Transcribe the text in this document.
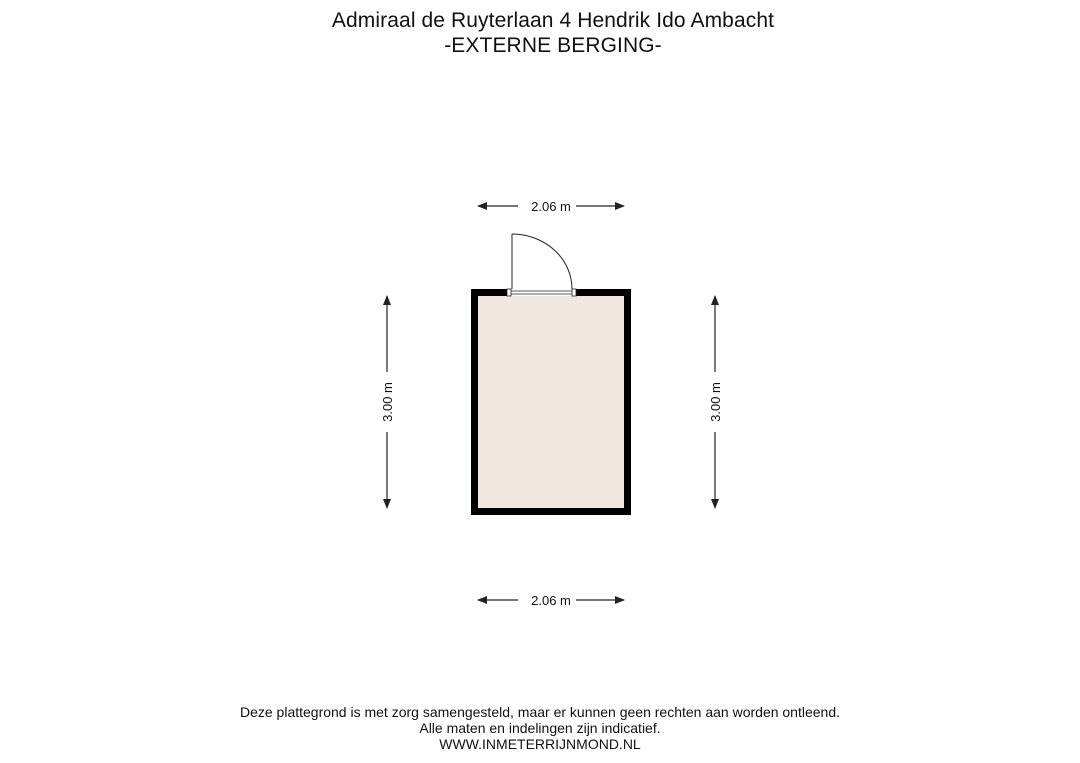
Admiraal de Ruyterlaan 4 Hendrik Ido Ambacht
-EXTERNE BERGING-
2.06 m
2.06 m
3.00 m	3.00 m
Deze plattegrond is met zorg samengesteld, maar er kunnen geen rechten aan worden ontleend.
Alle maten en indelingen zijn indicatief.
WWW.INMETERRIJNMOND.NL
